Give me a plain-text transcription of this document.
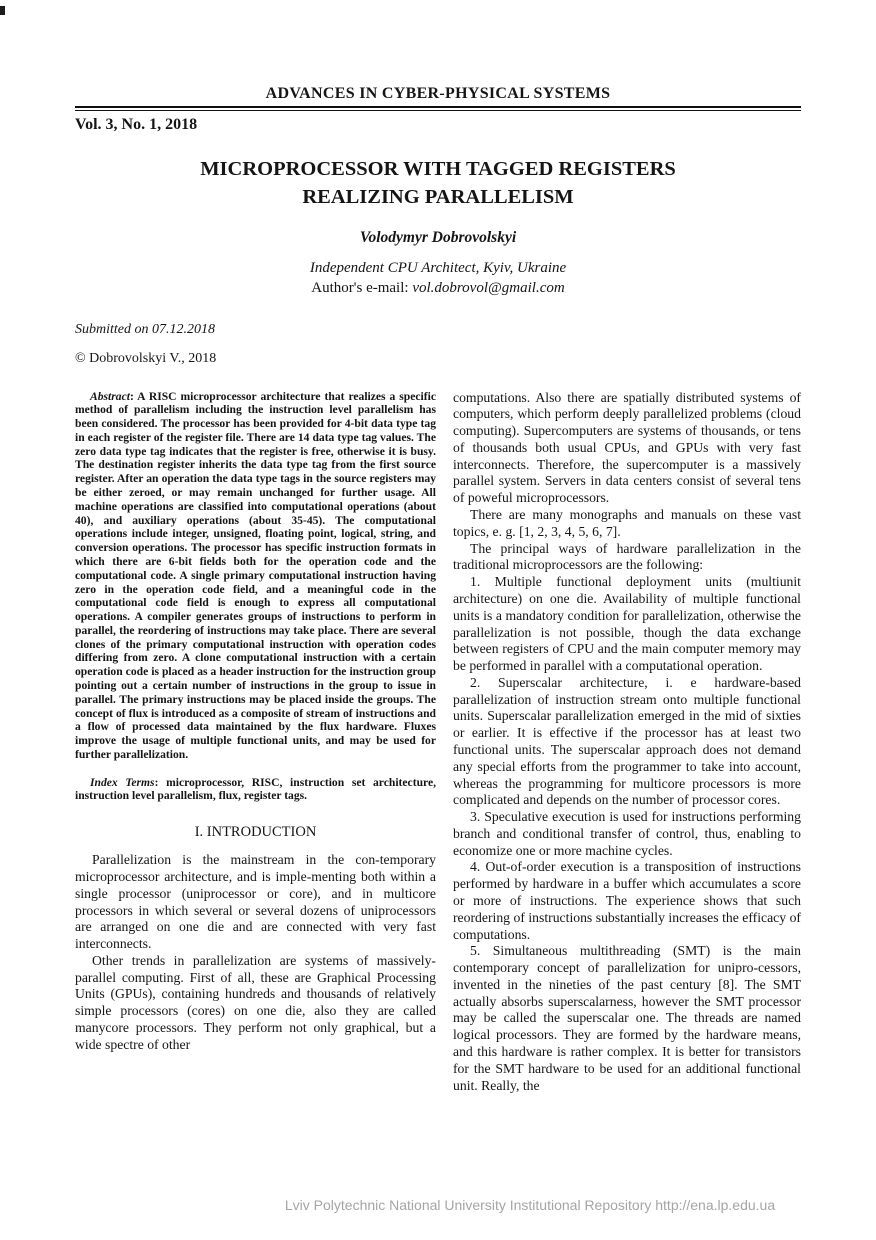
ADVANCES IN CYBER-PHYSICAL SYSTEMS
Vol. 3, No. 1, 2018
MICROPROCESSOR WITH TAGGED REGISTERS
REALIZING PARALLELISM
Volodymyr Dobrovolskyi
Independent CPU Architect, Kyiv, Ukraine
Author's e-mail: vol.dobrovol@gmail.com
Submitted on 07.12.2018
© Dobrovolskyi V., 2018

Abstract: A RISC microprocessor architecture that realizes a specific method of parallelism including the instruction level parallelism has been considered. The processor has been provided for 4-bit data type tag in each register of the register file. There are 14 data type tag values. The zero data type tag indicates that the register is free, otherwise it is busy. The destination register inherits the data type tag from the first source register. After an operation the data type tags in the source registers may be either zeroed, or may remain unchanged for further usage. All machine operations are classified into computational operations (about 40), and auxiliary operations (about 35-45). The computational operations include integer, unsigned, floating point, logical, string, and conversion operations. The processor has specific instruction formats in which there are 6-bit fields both for the operation code and the computational code. A single primary computational instruction having zero in the operation code field, and a meaningful code in the computational code field is enough to express all computational operations. A compiler generates groups of instructions to perform in parallel, the reordering of instructions may take place. There are several clones of the primary computational instruction with operation codes differing from zero. A clone computational instruction with a certain operation code is placed as a header instruction for the instruction group pointing out a certain number of instructions in the group to issue in parallel. The primary instructions may be placed inside the groups. The concept of flux is introduced as a composite of stream of instructions and a flow of processed data maintained by the flux hardware. Fluxes improve the usage of multiple functional units, and may be used for further parallelization.

Index Terms: microprocessor, RISC, instruction set architecture, instruction level parallelism, flux, register tags.

I. INTRODUCTION

Parallelization is the mainstream in the con-temporary microprocessor architecture, and is imple-menting both within a single processor (uniprocessor or core), and in multicore processors in which several or several dozens of uniprocessors are arranged on one die and are connected with very fast interconnects.

Other trends in parallelization are systems of massively-parallel computing. First of all, these are Graphical Processing Units (GPUs), containing hundreds and thousands of relatively simple processors (cores) on one die, also they are called manycore processors. They perform not only graphical, but a wide spectre of other

computations. Also there are spatially distributed systems of computers, which perform deeply parallelized problems (cloud computing). Supercomputers are systems of thousands, or tens of thousands both usual CPUs, and GPUs with very fast interconnects. Therefore, the supercomputer is a massively parallel system. Servers in data centers consist of several tens of poweful microprocessors.

There are many monographs and manuals on these vast topics, e. g. [1, 2, 3, 4, 5, 6, 7].

The principal ways of hardware parallelization in the traditional microprocessors are the following:

1. Multiple functional deployment units (multiunit architecture) on one die. Availability of multiple functional units is a mandatory condition for parallelization, otherwise the parallelization is not possible, though the data exchange between registers of CPU and the main computer memory may be performed in parallel with a computational operation.

2. Superscalar architecture, i. e hardware-based parallelization of instruction stream onto multiple functional units. Superscalar parallelization emerged in the mid of sixties or earlier. It is effective if the processor has at least two functional units. The superscalar approach does not demand any special efforts from the programmer to take into account, whereas the programming for multicore processors is more complicated and depends on the number of processor cores.

3. Speculative execution is used for instructions performing branch and conditional transfer of control, thus, enabling to economize one or more machine cycles.

4. Out-of-order execution is a transposition of instructions performed by hardware in a buffer which accumulates a score or more of instructions. The experience shows that such reordering of instructions substantially increases the efficacy of computations.

5. Simultaneous multithreading (SMT) is the main contemporary concept of parallelization for unipro-cessors, invented in the nineties of the past century [8]. The SMT actually absorbs superscalarness, however the SMT processor may be called the superscalar one. The threads are named logical processors. They are formed by the hardware means, and this hardware is rather complex. It is better for transistors for the SMT hardware to be used for an additional functional unit. Really, the

Lviv Polytechnic National University Institutional Repository http://ena.lp.edu.ua
